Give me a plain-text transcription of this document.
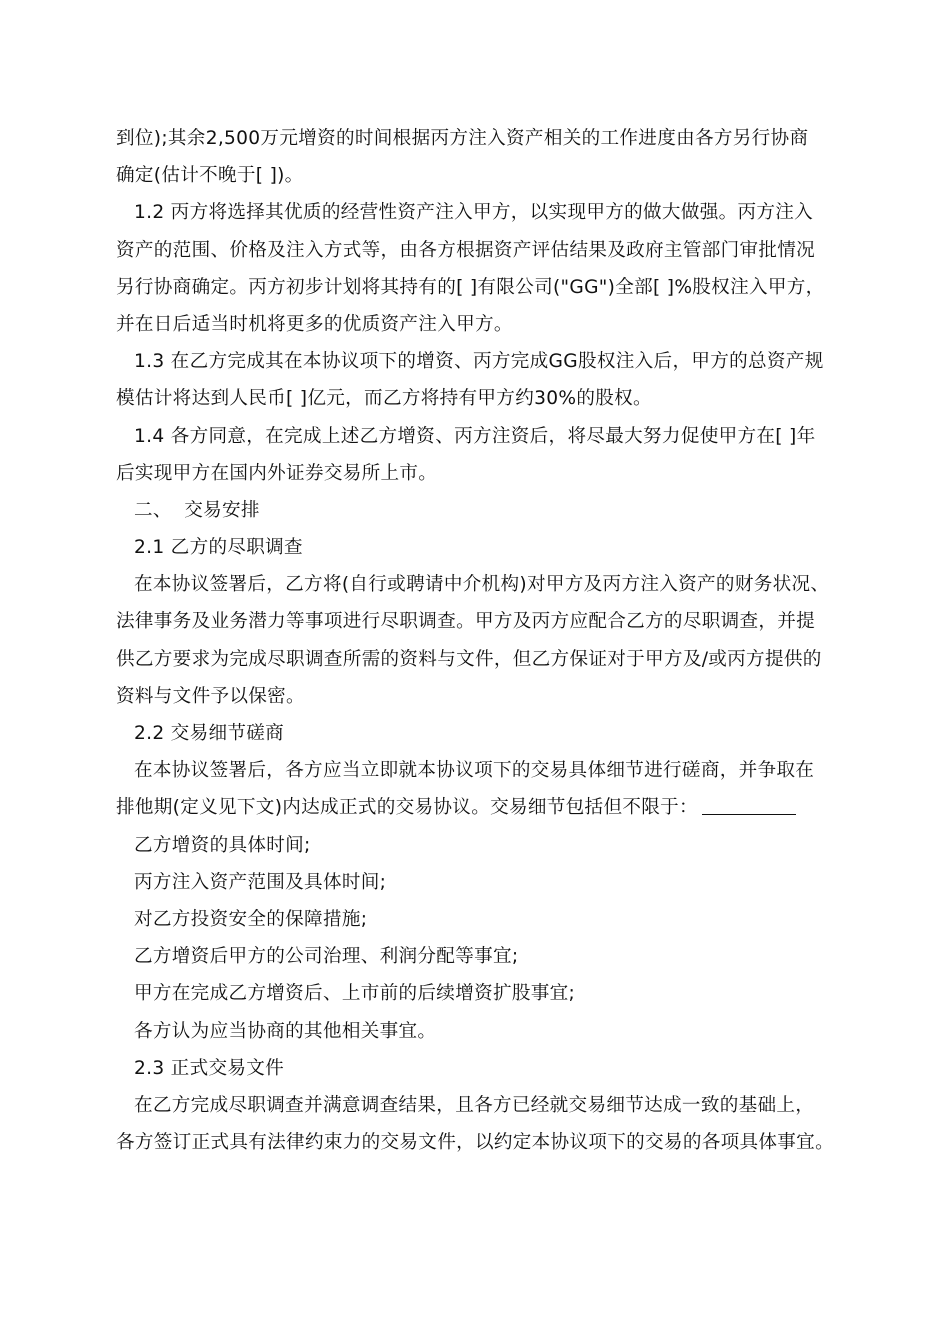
到位);其余2,500万元增资的时间根据丙方注入资产相关的工作进度由各方另行协商
确定(估计不晚于[ ])。
1.2 丙方将选择其优质的经营性资产注入甲方，以实现甲方的做大做强。丙方注入
资产的范围、价格及注入方式等，由各方根据资产评估结果及政府主管部门审批情况
另行协商确定。丙方初步计划将其持有的[ ]有限公司("GG")全部[ ]%股权注入甲方，
并在日后适当时机将更多的优质资产注入甲方。
1.3 在乙方完成其在本协议项下的增资、丙方完成GG股权注入后，甲方的总资产规
模估计将达到人民币[ ]亿元，而乙方将持有甲方约30%的股权。
1.4 各方同意，在完成上述乙方增资、丙方注资后，将尽最大努力促使甲方在[ ]年
后实现甲方在国内外证券交易所上市。
二、  交易安排
2.1 乙方的尽职调查
在本协议签署后，乙方将(自行或聘请中介机构)对甲方及丙方注入资产的财务状况、
法律事务及业务潜力等事项进行尽职调查。甲方及丙方应配合乙方的尽职调查，并提
供乙方要求为完成尽职调查所需的资料与文件，但乙方保证对于甲方及/或丙方提供的
资料与文件予以保密。
2.2 交易细节磋商
在本协议签署后，各方应当立即就本协议项下的交易具体细节进行磋商，并争取在
排他期(定义见下文)内达成正式的交易协议。交易细节包括但不限于：
乙方增资的具体时间;
丙方注入资产范围及具体时间;
对乙方投资安全的保障措施;
乙方增资后甲方的公司治理、利润分配等事宜;
甲方在完成乙方增资后、上市前的后续增资扩股事宜;
各方认为应当协商的其他相关事宜。
2.3 正式交易文件
在乙方完成尽职调查并满意调查结果，且各方已经就交易细节达成一致的基础上，
各方签订正式具有法律约束力的交易文件，以约定本协议项下的交易的各项具体事宜。
